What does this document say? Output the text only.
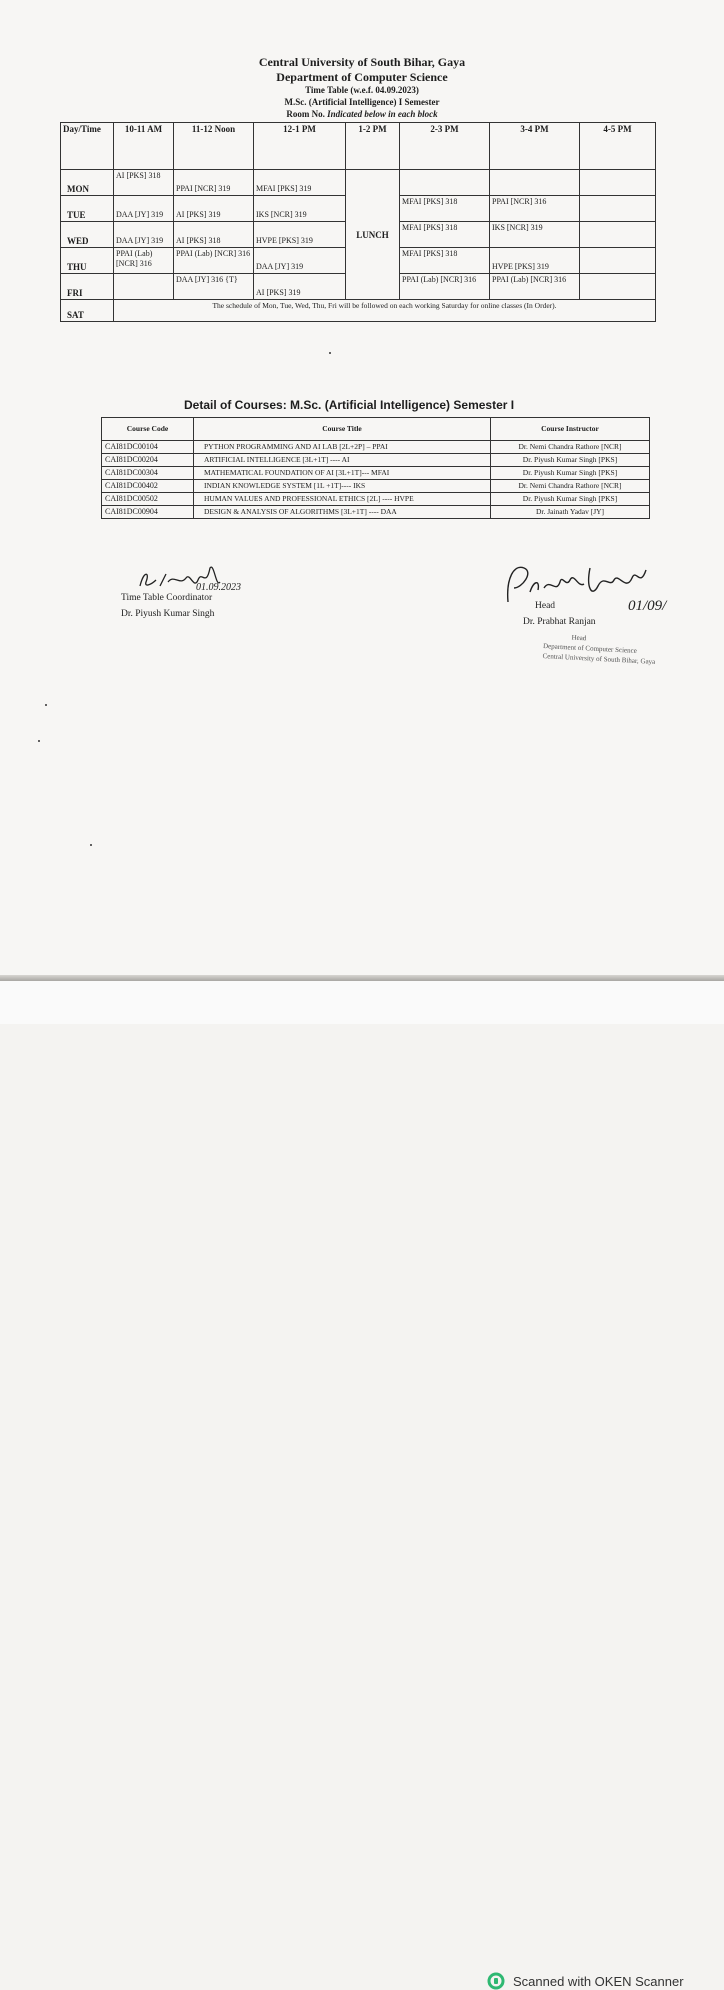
Central University of South Bihar, Gaya
Department of Computer Science
Time Table (w.e.f. 04.09.2023)
M.Sc. (Artificial Intelligence) I Semester
Room No. Indicated below in each block
Day/Time	10-11 AM	11-12 Noon	12-1 PM	1-2 PM	2-3 PM	3-4 PM	4-5 PM
MON	AI [PKS] 318	PPAI [NCR] 319	MFAI [PKS] 319	LUNCH			
TUE	DAA [JY] 319	AI [PKS] 319	IKS [NCR] 319		MFAI [PKS] 318	PPAI [NCR] 316	
WED	DAA [JY] 319	AI [PKS] 318	HVPE [PKS] 319		MFAI [PKS] 318	IKS [NCR] 319	
THU	PPAI (Lab) [NCR] 316	PPAI (Lab) [NCR] 316	DAA [JY] 319		MFAI [PKS] 318	HVPE [PKS] 319	
FRI		DAA [JY] 316 {T}	AI [PKS] 319		PPAI (Lab) [NCR] 316	PPAI (Lab) [NCR] 316	
SAT	The schedule of Mon, Tue, Wed, Thu, Fri will be followed on each working Saturday for online classes (In Order).						
Detail of Courses: M.Sc. (Artificial Intelligence) Semester I
Course Code	Course Title	Course Instructor
CAI81DC00104	PYTHON PROGRAMMING AND AI LAB [2L+2P] – PPAI	Dr. Nemi Chandra Rathore [NCR]
CAI81DC00204	ARTIFICIAL INTELLIGENCE [3L+1T] ---- AI	Dr. Piyush Kumar Singh [PKS]
CAI81DC00304	MATHEMATICAL FOUNDATION OF AI [3L+1T]--- MFAI	Dr. Piyush Kumar Singh [PKS]
CAI81DC00402	INDIAN KNOWLEDGE SYSTEM [1L +1T]---- IKS	Dr. Nemi Chandra Rathore [NCR]
CAI81DC00502	HUMAN VALUES AND PROFESSIONAL ETHICS [2L] ---- HVPE	Dr. Piyush Kumar Singh [PKS]
CAI81DC00904	DESIGN & ANALYSIS OF ALGORITHMS [3L+1T] ---- DAA	Dr. Jainath Yadav [JY]
01.09.2023
Time Table Coordinator
Dr. Piyush Kumar Singh	01/09/
Head
Dr. Prabhat Ranjan
Head
Department of Computer Science
Central University of South Bihar, Gaya
Scanned with OKEN Scanner
